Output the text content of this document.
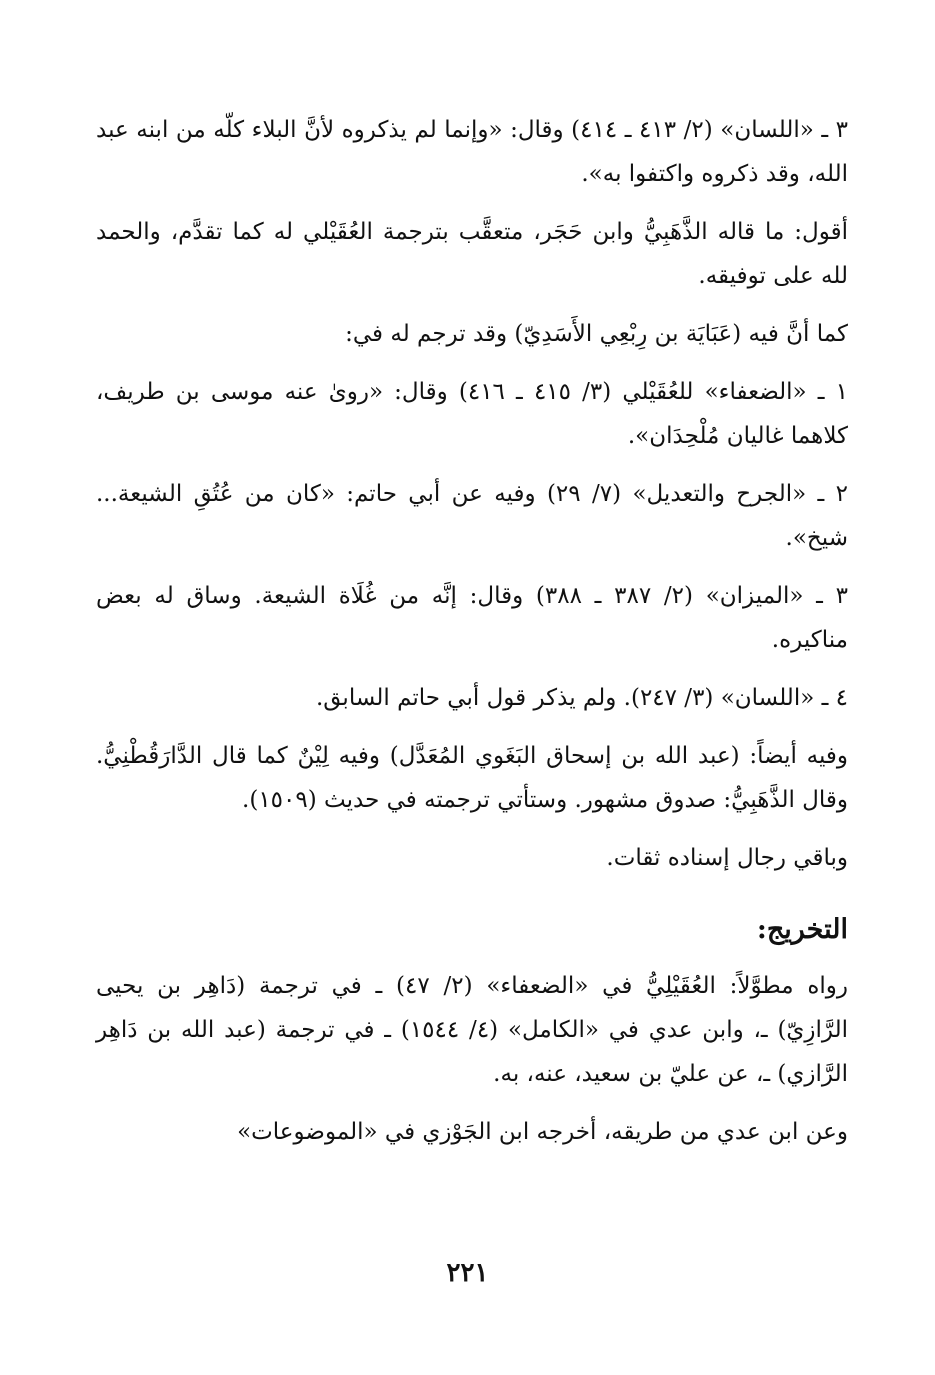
٣ ـ «اللسان» (٢/ ٤١٣ ـ ٤١٤) وقال: «وإنما لم يذكروه لأنَّ البلاء كلّه من ابنه عبد الله، وقد ذكروه واكتفوا به».

أقول: ما قاله الذَّهَبِيُّ وابن حَجَر، متعقَّب بترجمة العُقَيْلي له كما تقدَّم، والحمد لله على توفيقه.

كما أنَّ فيه (عَبَايَة بن رِبْعِي الأَسَدِيّ) وقد ترجم له في:

١ ـ «الضعفاء» للعُقَيْلي (٣/ ٤١٥ ـ ٤١٦) وقال: «روىٰ عنه موسى بن طريف، كلاهما غاليان مُلْحِدَان».

٢ ـ «الجرح والتعديل» (٧/ ٢٩) وفيه عن أبي حاتم: «كان من عُتُقِ الشيعة... شيخ».

٣ ـ «الميزان» (٢/ ٣٨٧ ـ ٣٨٨) وقال: إنَّه من غُلَاة الشيعة. وساق له بعض مناكيره.

٤ ـ «اللسان» (٣/ ٢٤٧). ولم يذكر قول أبي حاتم السابق.

وفيه أيضاً: (عبد الله بن إسحاق البَغَوي المُعَدَّل) وفيه لِيْنٌ كما قال الدَّارَقُطْنِيُّ. وقال الذَّهَبِيُّ: صدوق مشهور. وستأتي ترجمته في حديث (١٥٠٩).

وباقي رجال إسناده ثقات.

التخريج:

رواه مطوَّلاً: العُقَيْلِيُّ في «الضعفاء» (٢/ ٤٧) ـ في ترجمة (دَاهِر بن يحيى الرَّازِيّ) ـ، وابن عدي في «الكامل» (٤/ ١٥٤٤) ـ في ترجمة (عبد الله بن دَاهِر الرَّازي) ـ، عن عليّ بن سعيد، عنه، به.

وعن ابن عدي من طريقه، أخرجه ابن الجَوْزي في «الموضوعات»

٢٢١
